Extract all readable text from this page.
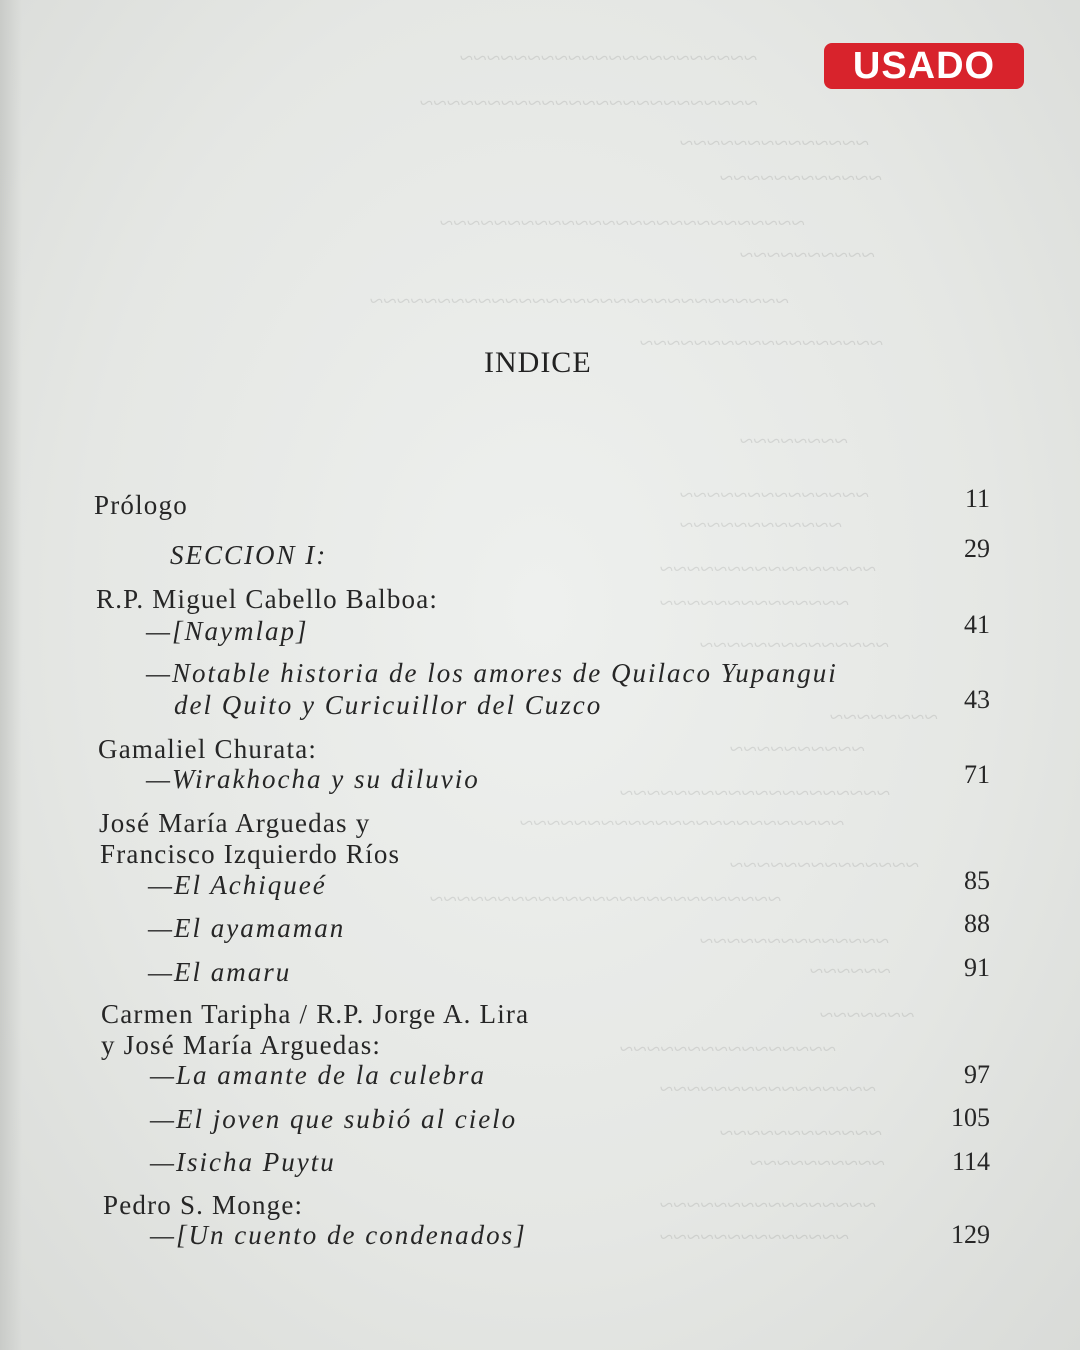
~~~~~~~~~~~~~~~~~~~~~~
~~~~~~~~~~~~~~~~~~~~~~~~~
~~~~~~~~~~~~~~
~~~~~~~~~~~~
~~~~~~~~~~~~~~~~~~~~~~~~~~~
~~~~~~~~~~
~~~~~~~~~~~~~~~~~~~~~~~~~~~~~~~
~~~~~~~~~~~~~~~~~~
~~~~~~~~
~~~~~~~~~~~~~~
~~~~~~~~~~~~
~~~~~~~~~~~~~~~~
~~~~~~~~~~~~~~
~~~~~~~~~~~~~~
~~~~~~~~
~~~~~~~~~~
~~~~~~~~~~~~~~~~~~~~
~~~~~~~~~~~~~~~~~~~~~~~~
~~~~~~~~~~~~~~
~~~~~~~~~~~~~~~~~~~~~~~~~~
~~~~~~~~~~~~~~
~~~~~~
~~~~~~~
~~~~~~~~~~~~~~~~
~~~~~~~~~~~~~~~~
~~~~~~~~~~~~
~~~~~~~~~~
~~~~~~~~~~~~~~~~
~~~~~~~~~~~~~~
USADO
INDICE
Prólogo	11
SECCION I:	29
R.P. Miguel Cabello Balboa:
—[Naymlap]	41
—Notable historia de los amores de Quilaco Yupangui
del Quito y Curicuillor del Cuzco	43
Gamaliel Churata:
—Wirakhocha y su diluvio	71
José María Arguedas y
Francisco Izquierdo Ríos
—El Achiqueé	85
—El ayamaman	88
—El amaru	91
Carmen Taripha / R.P. Jorge A. Lira
y José María Arguedas:
—La amante de la culebra	97
—El joven que subió al cielo	105
—Isicha Puytu	114
Pedro S. Monge:
—[Un cuento de condenados]	129
